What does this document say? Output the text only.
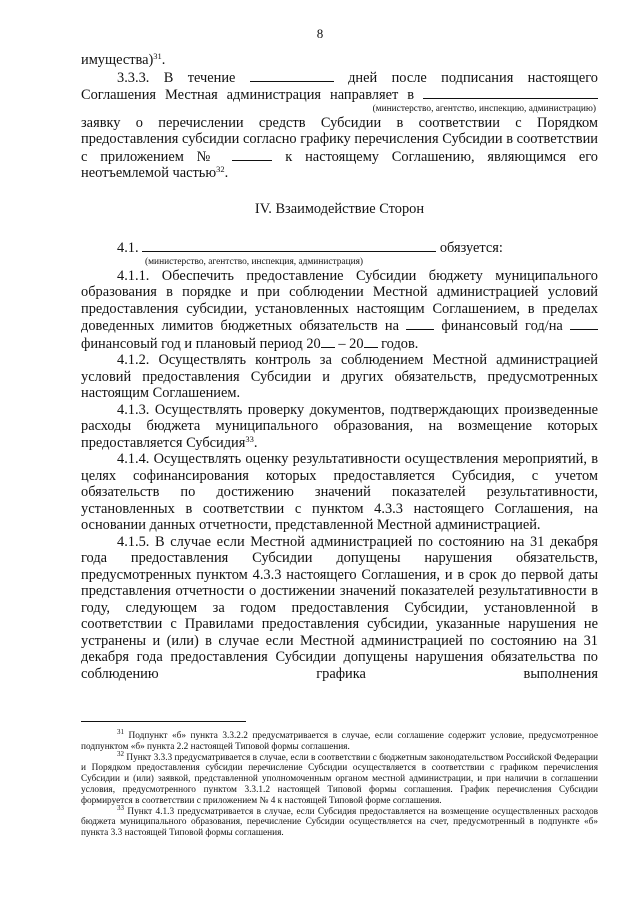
8

имущества)$^{31}$.

3.3.3. В течение	дней после подписания настоящего

Соглашения Местная администрация направляет в

(министерство, агентство, инспекцию, администрацию)

заявку о перечислении средств Субсидии в соответствии с Порядком предоставления субсидии согласно графику перечисления Субсидии в соответствии с приложением №	к настоящему Соглашению, являющимся его неотъемлемой частью$^{32}$.

IV. Взаимодействие Сторон

4.1.	обязуется:

(министерство, агентство, инспекция, администрация)

4.1.1. Обеспечить предоставление Субсидии бюджету муниципального образования в порядке и при соблюдении Местной администрацией условий предоставления субсидии, установленных настоящим Соглашением, в пределах доведенных лимитов бюджетных обязательств на	финансовый год/на  финансовый год и плановый период 20 – 20 годов.

4.1.2. Осуществлять контроль за соблюдением Местной администрацией условий предоставления Субсидии и других обязательств, предусмотренных настоящим Соглашением.

4.1.3. Осуществлять проверку документов, подтверждающих произведенные расходы бюджета муниципального образования, на возмещение которых предоставляется Субсидия$^{33}$.

4.1.4. Осуществлять оценку результативности осуществления мероприятий, в целях софинансирования которых предоставляется Субсидия, с учетом обязательств по достижению значений показателей результативности, установленных в соответствии с пунктом 4.3.3 настоящего Соглашения, на основании данных отчетности, представленной Местной администрацией.

4.1.5. В случае если Местной администрацией по состоянию на 31 декабря года предоставления Субсидии допущены нарушения обязательств, предусмотренных пунктом 4.3.3 настоящего Соглашения, и в срок до первой даты представления отчетности о достижении значений показателей результативности в году, следующем за годом предоставления Субсидии, установленной в соответствии с Правилами предоставления субсидии, указанные нарушения не устранены и (или) в случае если Местной администрацией по состоянию на 31 декабря года предоставления Субсидии допущены нарушения обязательства по соблюдению графика выполнения

$^{31}$ Подпункт «б» пункта 3.3.2.2 предусматривается в случае, если соглашение содержит условие, предусмотренное подпунктом «б» пункта 2.2 настоящей Типовой формы соглашения.

$^{32}$ Пункт 3.3.3 предусматривается в случае, если в соответствии с бюджетным законодательством Российской Федерации и Порядком предоставления субсидии перечисление Субсидии осуществляется в соответствии с графиком перечисления Субсидии и (или) заявкой, представленной уполномоченным органом местной администрации, и при наличии в соглашении условия, предусмотренного пунктом 3.3.1.2 настоящей Типовой формы соглашения. График перечисления Субсидии формируется в соответствии с приложением № 4 к настоящей Типовой форме соглашения.

$^{33}$ Пункт 4.1.3 предусматривается в случае, если Субсидия предоставляется на возмещение осуществленных расходов бюджета муниципального образования, перечисление Субсидии осуществляется на счет, предусмотренный в подпункте «б» пункта 3.3 настоящей Типовой формы соглашения.
